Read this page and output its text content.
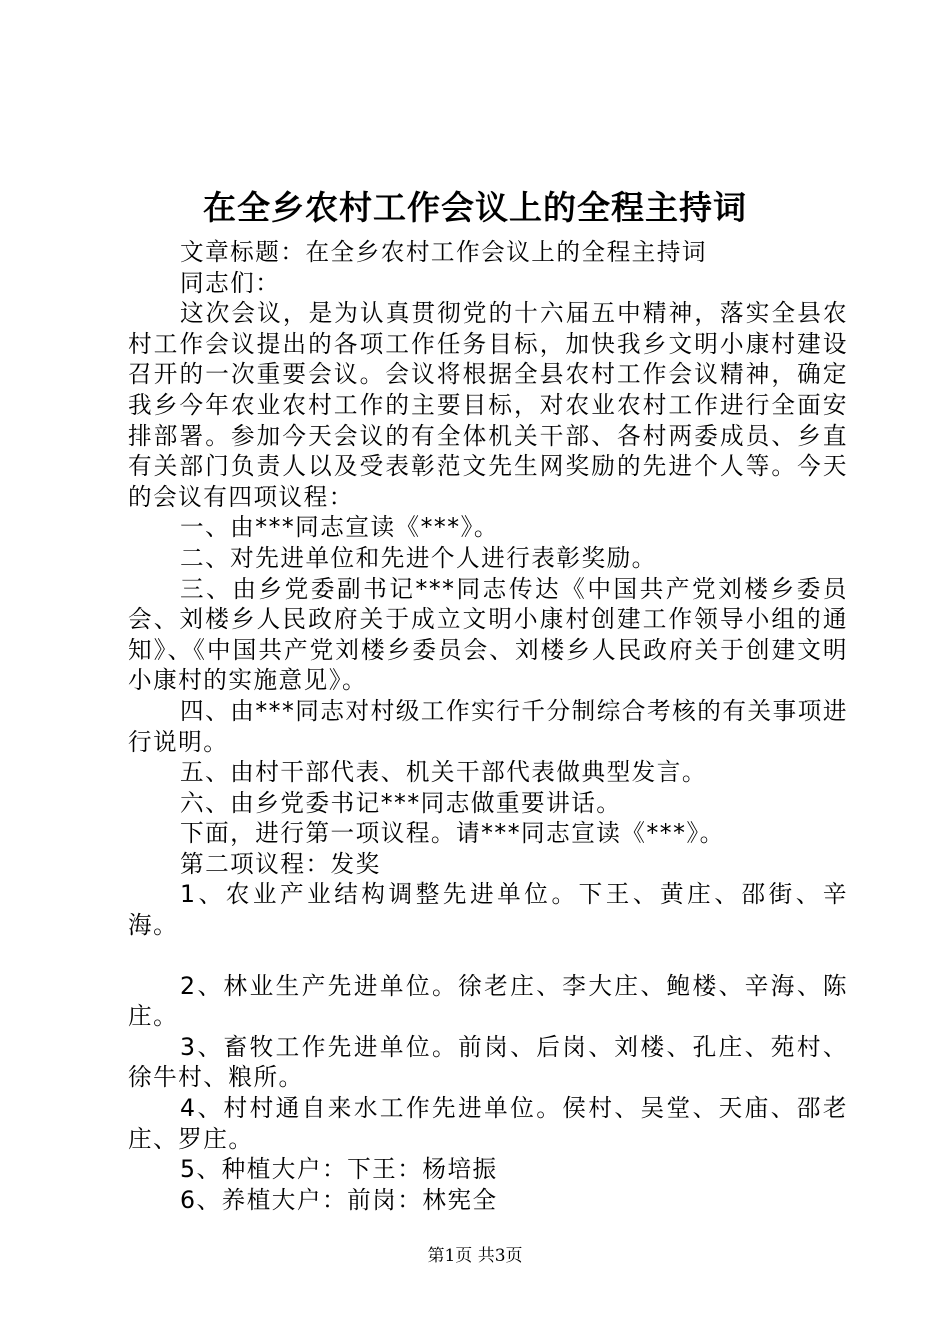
在全乡农村工作会议上的全程主持词

文章标题：在全乡农村工作会议上的全程主持词

同志们：

这次会议，是为认真贯彻党的十六届五中精神，落实全县农村工作会议提出的各项工作任务目标，加快我乡文明小康村建设召开的一次重要会议。会议将根据全县农村工作会议精神，确定我乡今年农业农村工作的主要目标，对农业农村工作进行全面安排部署。参加今天会议的有全体机关干部、各村两委成员、乡直有关部门负责人以及受表彰范文先生网奖励的先进个人等。今天的会议有四项议程：

一、由***同志宣读《***》。

二、对先进单位和先进个人进行表彰奖励。

三、由乡党委副书记***同志传达《中国共产党刘楼乡委员会、刘楼乡人民政府关于成立文明小康村创建工作领导小组的通知》、《中国共产党刘楼乡委员会、刘楼乡人民政府关于创建文明小康村的实施意见》。

四、由***同志对村级工作实行千分制综合考核的有关事项进行说明。

五、由村干部代表、机关干部代表做典型发言。

六、由乡党委书记***同志做重要讲话。

下面，进行第一项议程。请***同志宣读《***》。

第二项议程：发奖

1、农业产业结构调整先进单位。下王、黄庄、邵街、辛海。

2、林业生产先进单位。徐老庄、李大庄、鲍楼、辛海、陈庄。

3、畜牧工作先进单位。前岗、后岗、刘楼、孔庄、苑村、徐牛村、粮所。

4、村村通自来水工作先进单位。侯村、吴堂、天庙、邵老庄、罗庄。

5、种植大户：下王：杨培振

6、养植大户：前岗：林宪全

第1页 共3页
